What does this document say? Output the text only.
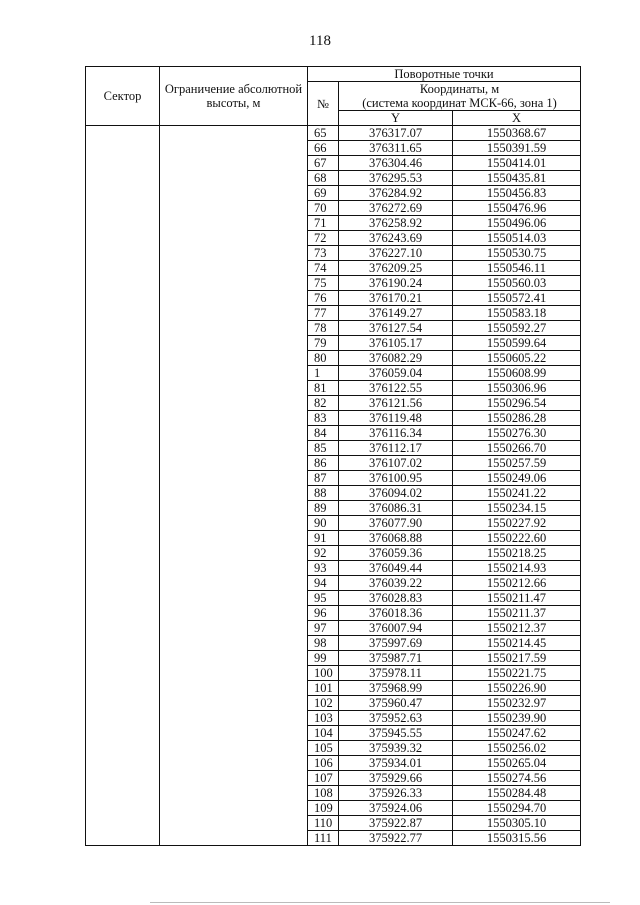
118
Сектор	Ограничение абсолютной высоты, м	Поворотные точки		
		№	Координаты, м	
			(система координат МСК-66, зона 1)	
			Y	X
		65	376317.07	1550368.67
		66	376311.65	1550391.59
		67	376304.46	1550414.01
		68	376295.53	1550435.81
		69	376284.92	1550456.83
		70	376272.69	1550476.96
		71	376258.92	1550496.06
		72	376243.69	1550514.03
		73	376227.10	1550530.75
		74	376209.25	1550546.11
		75	376190.24	1550560.03
		76	376170.21	1550572.41
		77	376149.27	1550583.18
		78	376127.54	1550592.27
		79	376105.17	1550599.64
		80	376082.29	1550605.22
		1	376059.04	1550608.99
		81	376122.55	1550306.96
		82	376121.56	1550296.54
		83	376119.48	1550286.28
		84	376116.34	1550276.30
		85	376112.17	1550266.70
		86	376107.02	1550257.59
		87	376100.95	1550249.06
		88	376094.02	1550241.22
		89	376086.31	1550234.15
		90	376077.90	1550227.92
		91	376068.88	1550222.60
		92	376059.36	1550218.25
		93	376049.44	1550214.93
		94	376039.22	1550212.66
		95	376028.83	1550211.47
		96	376018.36	1550211.37
		97	376007.94	1550212.37
		98	375997.69	1550214.45
		99	375987.71	1550217.59
		100	375978.11	1550221.75
		101	375968.99	1550226.90
		102	375960.47	1550232.97
		103	375952.63	1550239.90
		104	375945.55	1550247.62
		105	375939.32	1550256.02
		106	375934.01	1550265.04
		107	375929.66	1550274.56
		108	375926.33	1550284.48
		109	375924.06	1550294.70
		110	375922.87	1550305.10
		111	375922.77	1550315.56
